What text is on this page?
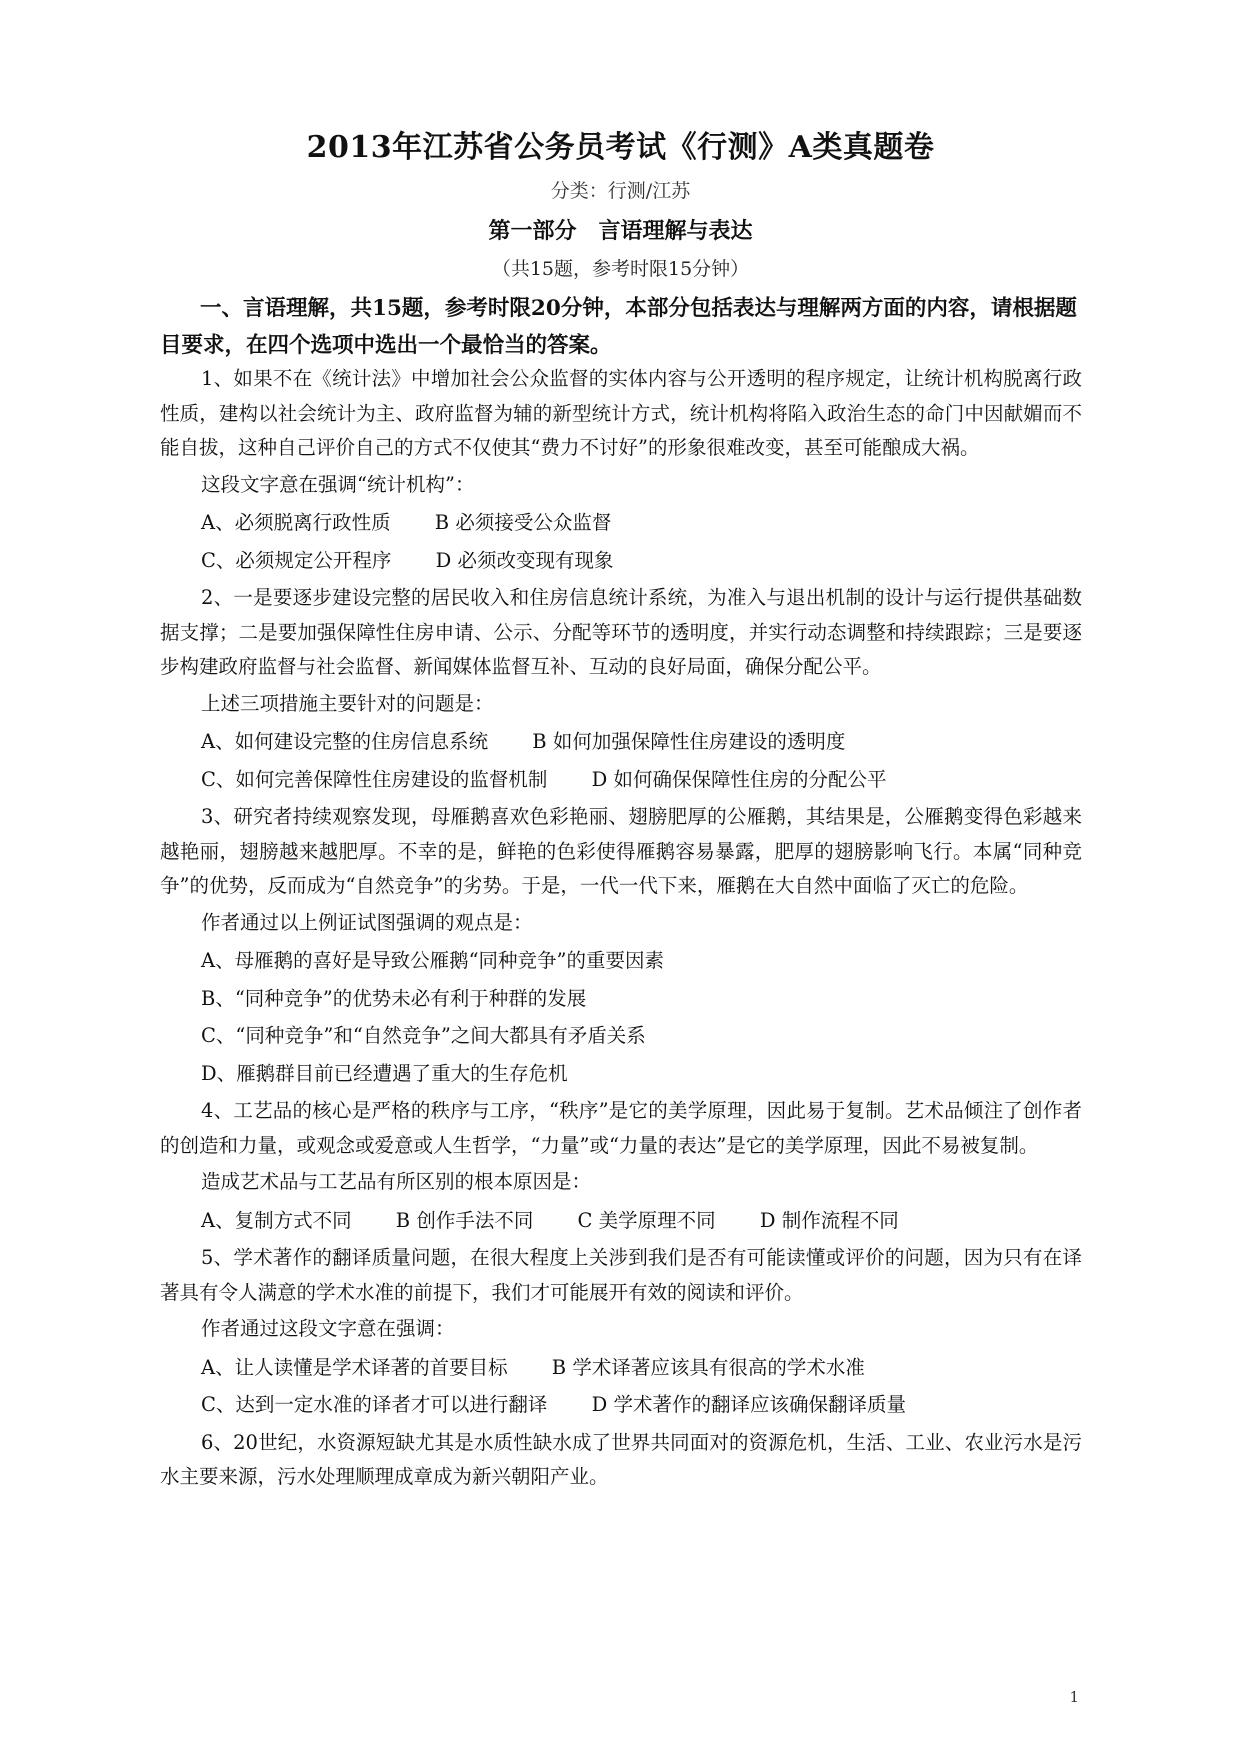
2013年江苏省公务员考试《行测》A类真题卷
分类：行测/江苏
第一部分　言语理解与表达
（共15题，参考时限15分钟）
一、言语理解，共15题，参考时限20分钟，本部分包括表达与理解两方面的内容，请根据题目要求，在四个选项中选出一个最恰当的答案。

1、如果不在《统计法》中增加社会公众监督的实体内容与公开透明的程序规定，让统计机构脱离行政性质，建构以社会统计为主、政府监督为辅的新型统计方式，统计机构将陷入政治生态的命门中因献媚而不能自拔，这种自己评价自己的方式不仅使其“费力不讨好”的形象很难改变，甚至可能酿成大祸。

这段文字意在强调“统计机构”：
A、必须脱离行政性质 B 必须接受公众监督
C、必须规定公开程序 D 必须改变现有现象

2、一是要逐步建设完整的居民收入和住房信息统计系统，为准入与退出机制的设计与运行提供基础数据支撑；二是要加强保障性住房申请、公示、分配等环节的透明度，并实行动态调整和持续跟踪；三是要逐步构建政府监督与社会监督、新闻媒体监督互补、互动的良好局面，确保分配公平。

上述三项措施主要针对的问题是：
A、如何建设完整的住房信息系统 B 如何加强保障性住房建设的透明度
C、如何完善保障性住房建设的监督机制 D 如何确保保障性住房的分配公平

3、研究者持续观察发现，母雁鹅喜欢色彩艳丽、翅膀肥厚的公雁鹅，其结果是，公雁鹅变得色彩越来越艳丽，翅膀越来越肥厚。不幸的是，鲜艳的色彩使得雁鹅容易暴露，肥厚的翅膀影响飞行。本属“同种竞争”的优势，反而成为“自然竞争”的劣势。于是，一代一代下来，雁鹅在大自然中面临了灭亡的危险。

作者通过以上例证试图强调的观点是：
A、母雁鹅的喜好是导致公雁鹅“同种竞争”的重要因素
B、“同种竞争”的优势未必有利于种群的发展
C、“同种竞争”和“自然竞争”之间大都具有矛盾关系
D、雁鹅群目前已经遭遇了重大的生存危机

4、工艺品的核心是严格的秩序与工序，“秩序”是它的美学原理，因此易于复制。艺术品倾注了创作者的创造和力量，或观念或爱意或人生哲学，“力量”或“力量的表达”是它的美学原理，因此不易被复制。

造成艺术品与工艺品有所区别的根本原因是：
A、复制方式不同 B 创作手法不同 C 美学原理不同 D 制作流程不同

5、学术著作的翻译质量问题，在很大程度上关涉到我们是否有可能读懂或评价的问题，因为只有在译著具有令人满意的学术水准的前提下，我们才可能展开有效的阅读和评价。

作者通过这段文字意在强调：
A、让人读懂是学术译著的首要目标 B 学术译著应该具有很高的学术水准
C、达到一定水准的译者才可以进行翻译 D 学术著作的翻译应该确保翻译质量

6、20世纪，水资源短缺尤其是水质性缺水成了世界共同面对的资源危机，生活、工业、农业污水是污水主要来源，污水处理顺理成章成为新兴朝阳产业。

1
